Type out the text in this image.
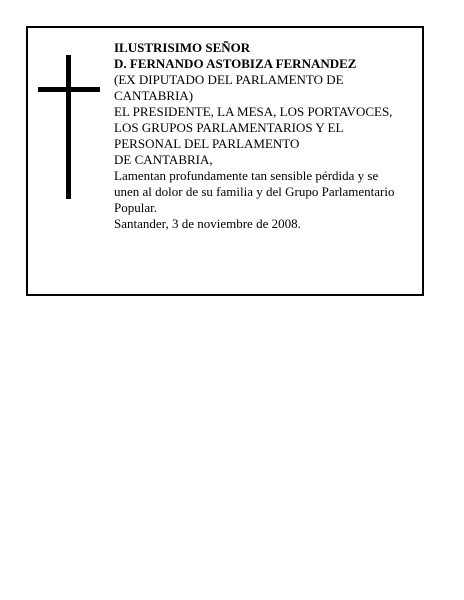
ILUSTRISIMO SEÑOR
D. FERNANDO ASTOBIZA FERNANDEZ
(EX DIPUTADO DEL PARLAMENTO DE
CANTABRIA)
EL PRESIDENTE, LA MESA, LOS PORTAVOCES,
LOS GRUPOS PARLAMENTARIOS Y EL
PERSONAL DEL PARLAMENTO
DE CANTABRIA,
Lamentan profundamente tan sensible pérdida y se
unen al dolor de su familia y del Grupo Parlamentario
Popular.
Santander, 3 de noviembre de 2008.
